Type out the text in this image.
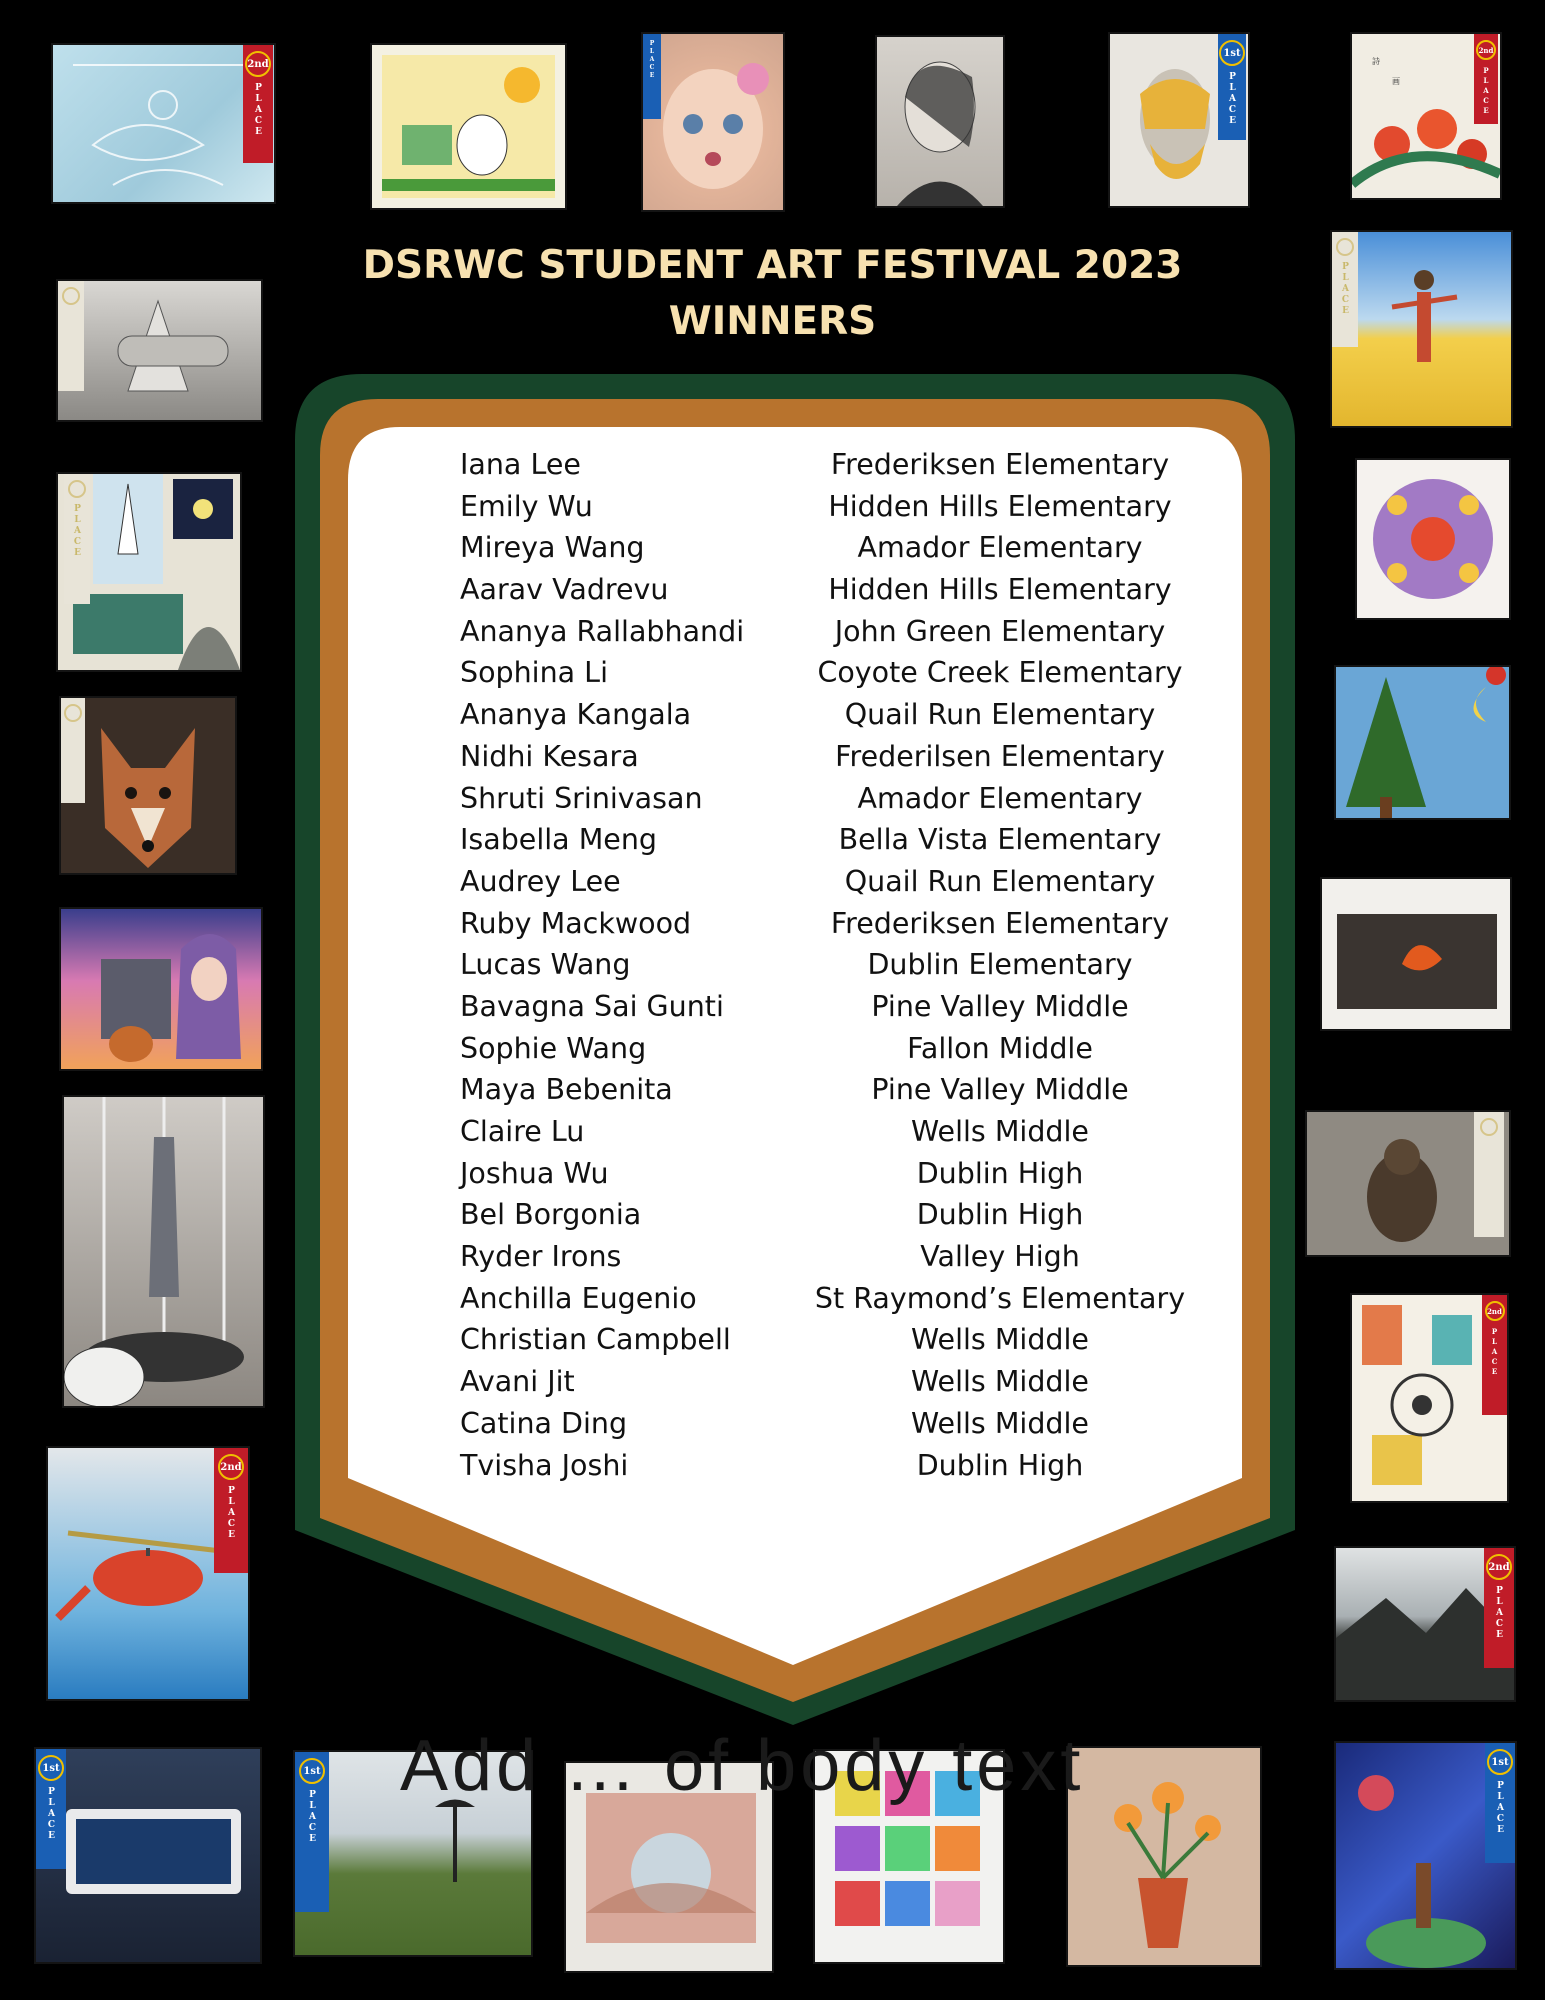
2nd
PLACE
PLACE	1st
PLACE
詩
画
2nd
PLACE
PLACE
2nd
PLACE
PLACE
2nd
PLACE
2nd
PLACE
1st
PLACE
1st
PLACE
1st
PLACE
DSRWC STUDENT ART FESTIVAL 2023
WINNERS
Add … of body text
Iana Lee	Frederiksen Elementary
Emily Wu	Hidden Hills Elementary
Mireya Wang	Amador Elementary
Aarav Vadrevu	Hidden Hills Elementary
Ananya Rallabhandi	John Green Elementary
Sophina Li	Coyote Creek Elementary
Ananya Kangala	Quail Run Elementary
Nidhi Kesara	Frederilsen Elementary
Shruti Srinivasan	Amador Elementary
Isabella Meng	Bella Vista Elementary
Audrey Lee	Quail Run Elementary
Ruby Mackwood	Frederiksen Elementary
Lucas Wang	Dublin Elementary
Bavagna Sai Gunti	Pine Valley Middle
Sophie Wang	Fallon Middle
Maya Bebenita	Pine Valley Middle
Claire Lu	Wells Middle
Joshua Wu	Dublin High
Bel Borgonia	Dublin High
Ryder Irons	Valley High
Anchilla Eugenio	St Raymond’s Elementary
Christian Campbell	Wells Middle
Avani Jit	Wells Middle
Catina Ding	Wells Middle
Tvisha Joshi	Dublin High
